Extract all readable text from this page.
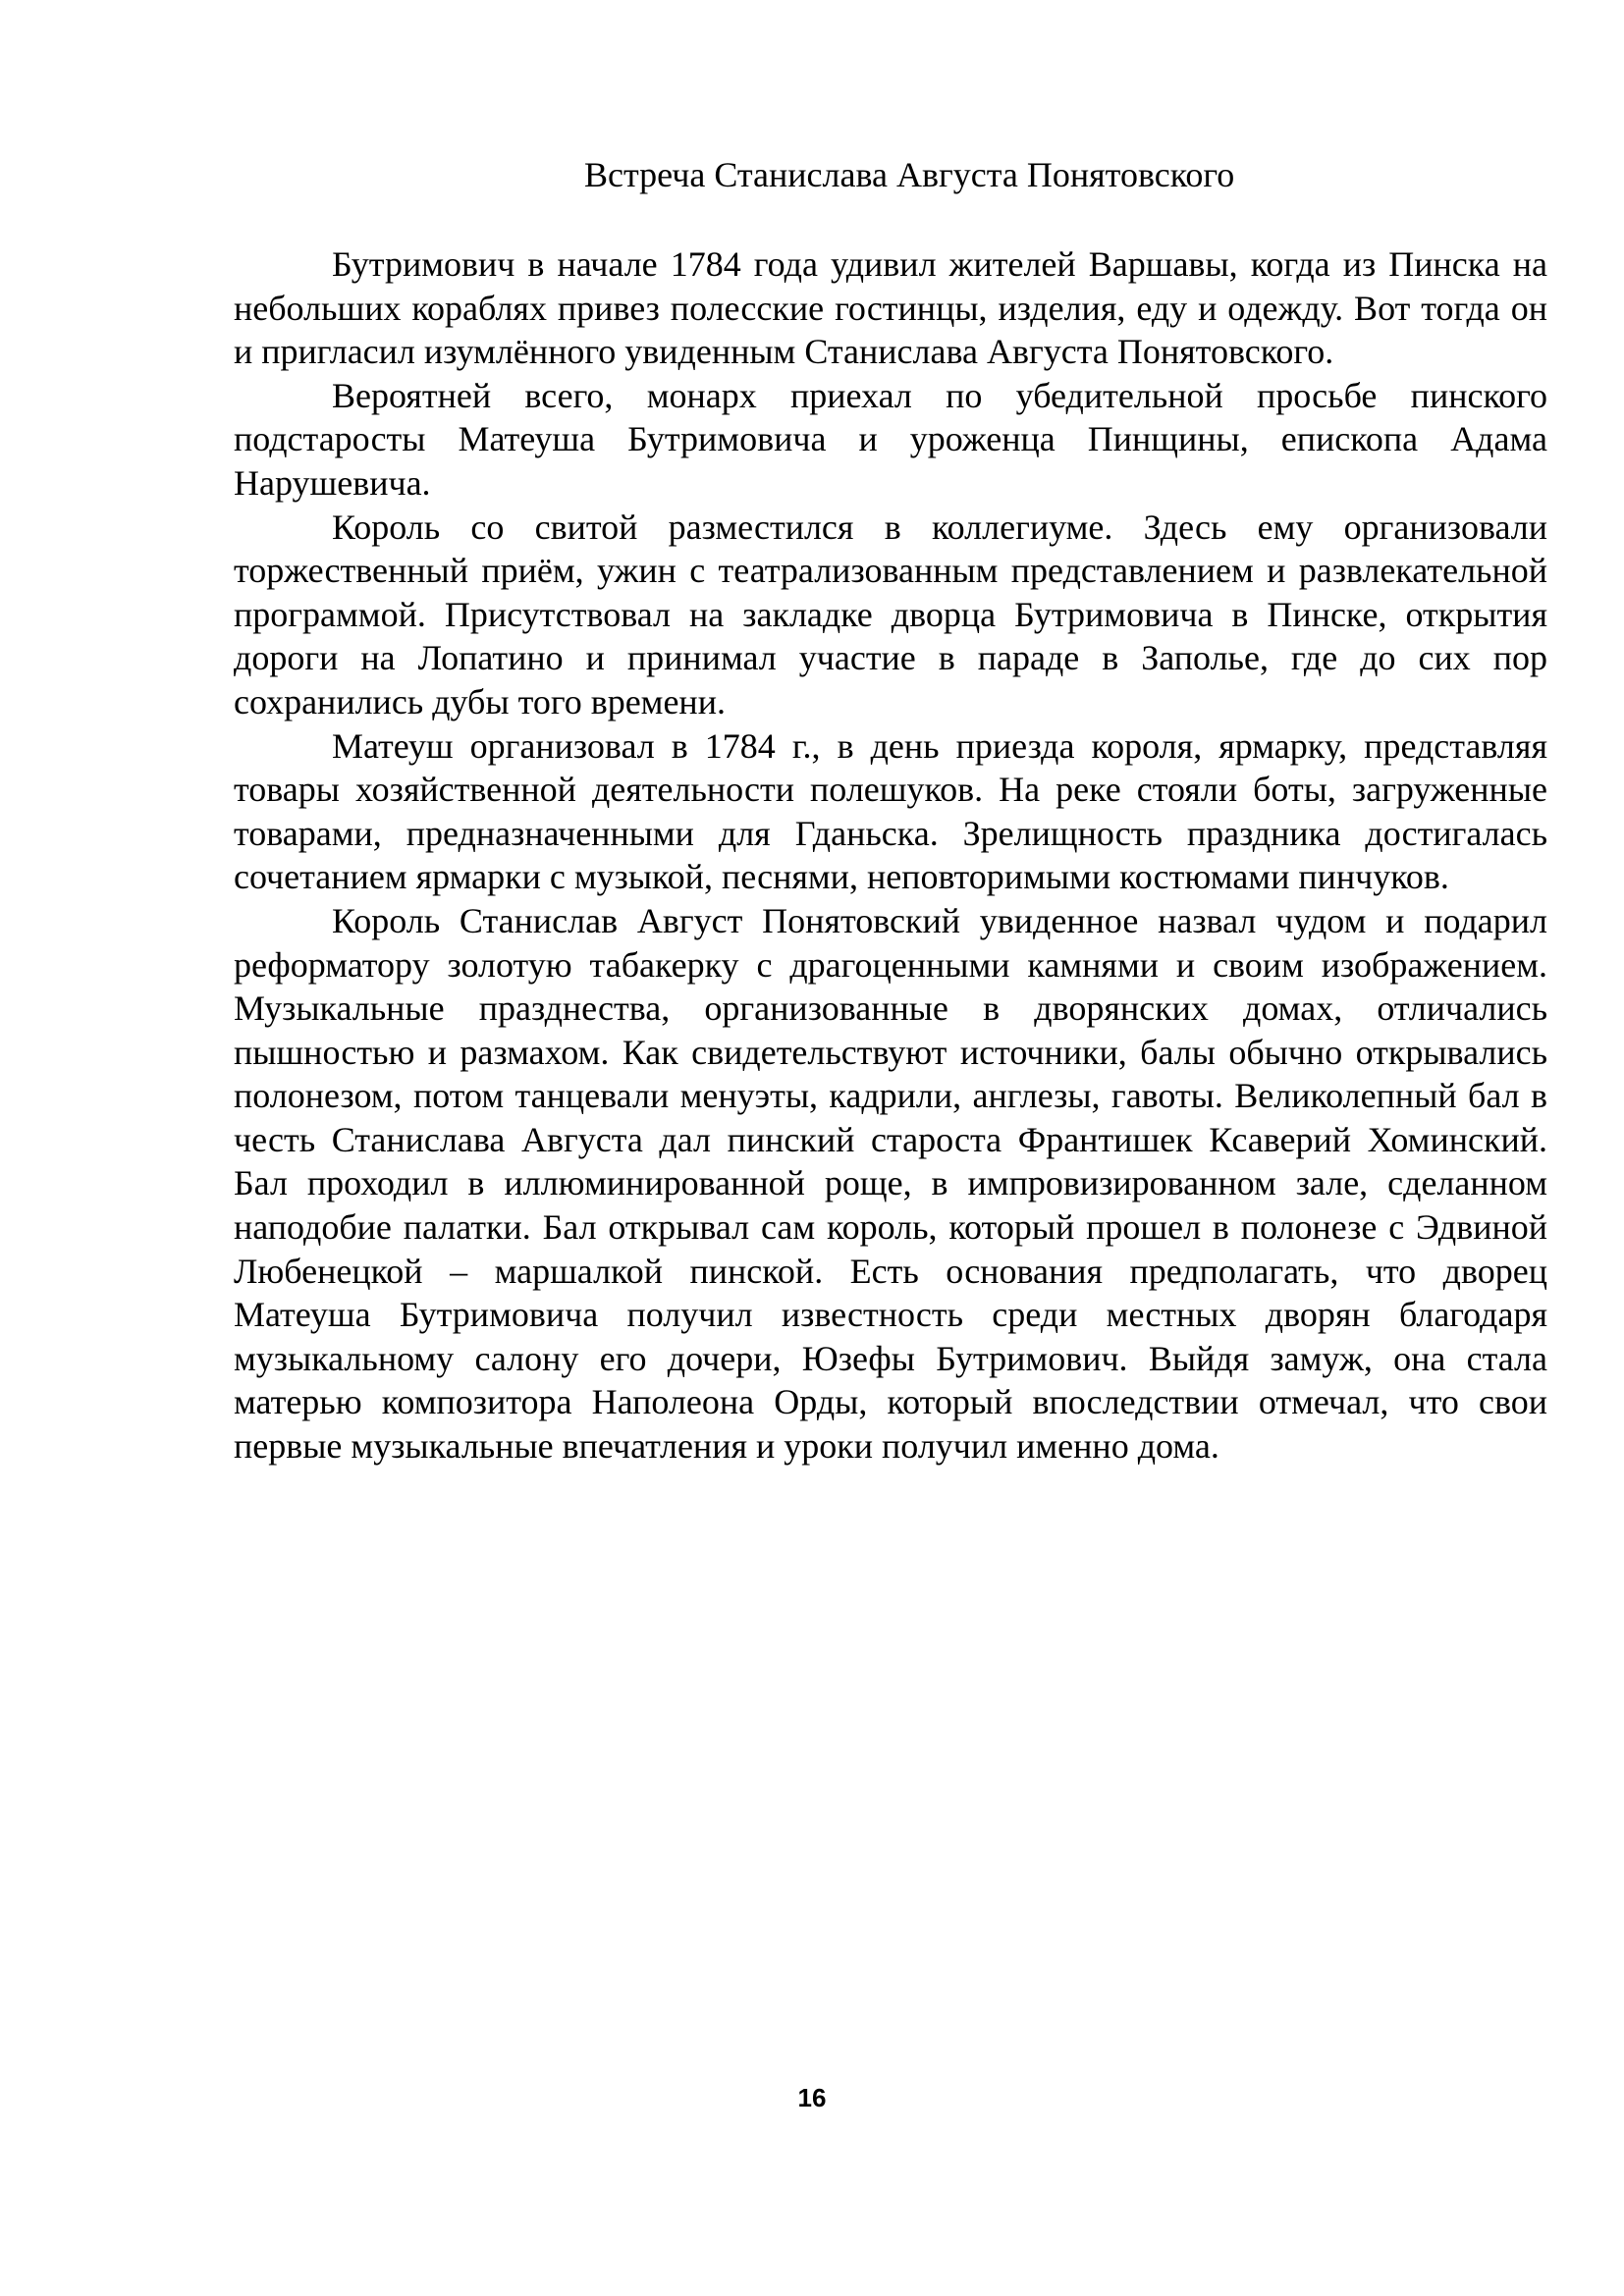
Встреча Станислава Августа Понятовского

Бутримович в начале 1784 года удивил жителей Варшавы, когда из Пинска на небольших кораблях привез полесские гостинцы, изделия, еду и одежду. Вот тогда он и пригласил изумлённого увиденным Станислава Августа Понятовского.

Вероятней всего, монарх приехал по убедительной просьбе пинского подстаросты Матеуша Бутримовича и уроженца Пинщины, епископа Адама Нарушевича.

Король со свитой разместился в коллегиуме. Здесь ему организовали торжественный приём, ужин с театрализованным представлением и развлекательной программой. Присутствовал на закладке дворца Бутримовича в Пинске, открытия дороги на Лопатино и принимал участие в параде в Заполье, где до сих пор сохранились дубы того времени.

Матеуш организовал в 1784 г., в день приезда короля, ярмарку, представляя товары хозяйственной деятельности полешуков. На реке стояли боты, загруженные товарами, предназначенными для Гданьска. Зрелищность праздника достигалась сочетанием ярмарки с музыкой, песнями, неповторимыми костюмами пинчуков.

Король Станислав Август Понятовский увиденное назвал чудом и подарил реформатору золотую табакерку с драгоценными камнями и своим изображением. Музыкальные празднества, организованные в дворянских домах, отличались пышностью и размахом. Как свидетельствуют источники, балы обычно открывались полонезом, потом танцевали менуэты, кадрили, англезы, гавоты. Великолепный бал в честь Станислава Августа дал пинский староста Франтишек Ксаверий Хоминский. Бал проходил в иллюминированной роще, в импровизированном зале, сделанном наподобие палатки. Бал открывал сам король, который прошел в полонезе с Эдвиной Любенецкой – маршалкой пинской. Есть основания предполагать, что дворец Матеуша Бутримовича получил известность среди местных дворян благодаря музыкальному салону его дочери, Юзефы Бутримович. Выйдя замуж, она стала матерью композитора Наполеона Орды, который впоследствии отмечал, что свои первые музыкальные впечатления и уроки получил именно дома.

16
